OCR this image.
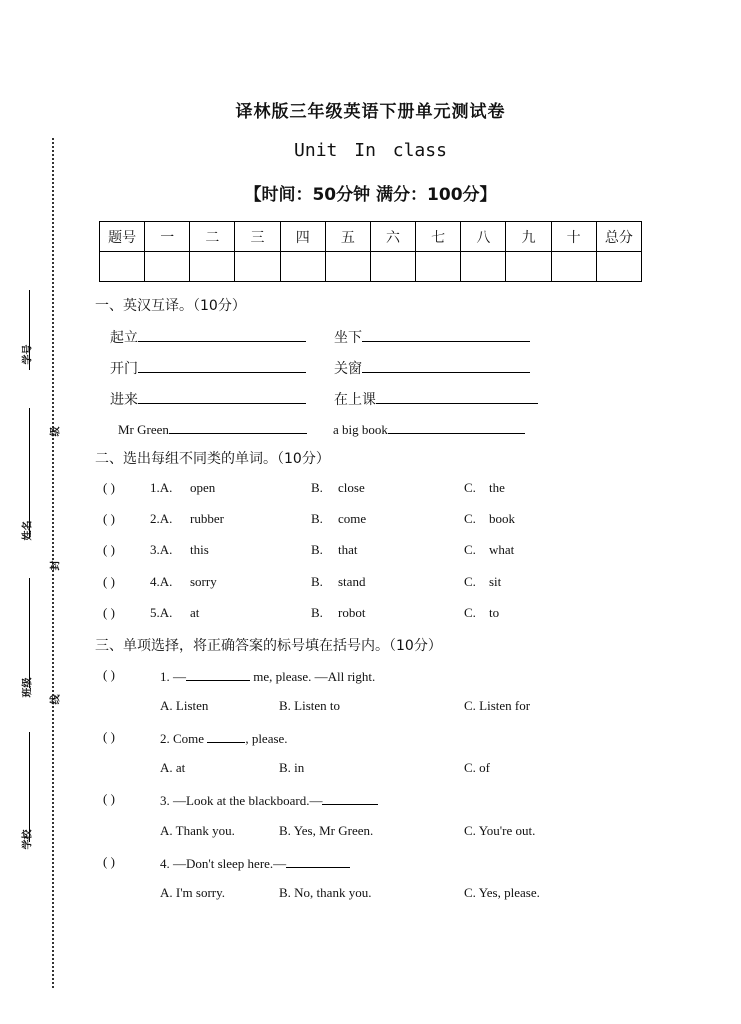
学号
级
姓名
封
班级
线
学校
译林版三年级英语下册单元测试卷
Unit In class
【时间：50分钟 满分：100分】
题号	一	二	三	四	五	六	七	八	九	十	总分

一、英汉互译。（10分）
起立	坐下
开门	关窗
进来	在上课
Mr Green	a big book
二、选出每组不同类的单词。（10分）
( )	1.A. open	B. close	C. the
( )	2.A. rubber	B. come	C. book
( )	3.A. this	B. that	C. what
( )	4.A. sorry	B. stand	C. sit
( )	5.A. at	B. robot	C. to
三、单项选择，将正确答案的标号填在括号内。（10分）
( )	1. —	me, please. —All right.
A. Listen	B. Listen to	C. Listen for
( )	2. Come	, please.
A. at	B. in	C. of
( )	3. —Look at the blackboard.—
A. Thank you.	B. Yes, Mr Green.	C. You're out.
( )	4. —Don't sleep here.—
A. I'm sorry.	B. No, thank you.	C. Yes, please.
